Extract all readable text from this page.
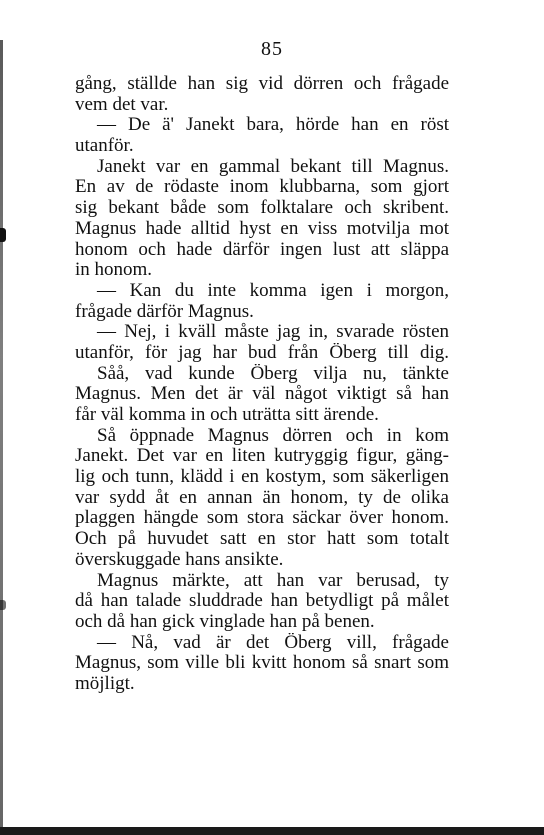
85
gång, ställde han sig vid dörren och frågade
vem det var.
— De ä' Janekt bara, hörde han en röst
utanför.
Janekt var en gammal bekant till Magnus.
En av de rödaste inom klubbarna, som gjort
sig bekant både som folktalare och skribent.
Magnus hade alltid hyst en viss motvilja mot
honom och hade därför ingen lust att släppa
in honom.
— Kan du inte komma igen i morgon,
frågade därför Magnus.
— Nej, i kväll måste jag in, svarade rösten
utanför, för jag har bud från Öberg till dig.
Såå, vad kunde Öberg vilja nu, tänkte
Magnus. Men det är väl något viktigt så han
får väl komma in och uträtta sitt ärende.
Så öppnade Magnus dörren och in kom
Janekt. Det var en liten kutryggig figur, gäng-
lig och tunn, klädd i en kostym, som säkerligen
var sydd åt en annan än honom, ty de olika
plaggen hängde som stora säckar över honom.
Och på huvudet satt en stor hatt som totalt
överskuggade hans ansikte.
Magnus märkte, att han var berusad, ty
då han talade sluddrade han betydligt på målet
och då han gick vinglade han på benen.
— Nå, vad är det Öberg vill, frågade
Magnus, som ville bli kvitt honom så snart som
möjligt.
